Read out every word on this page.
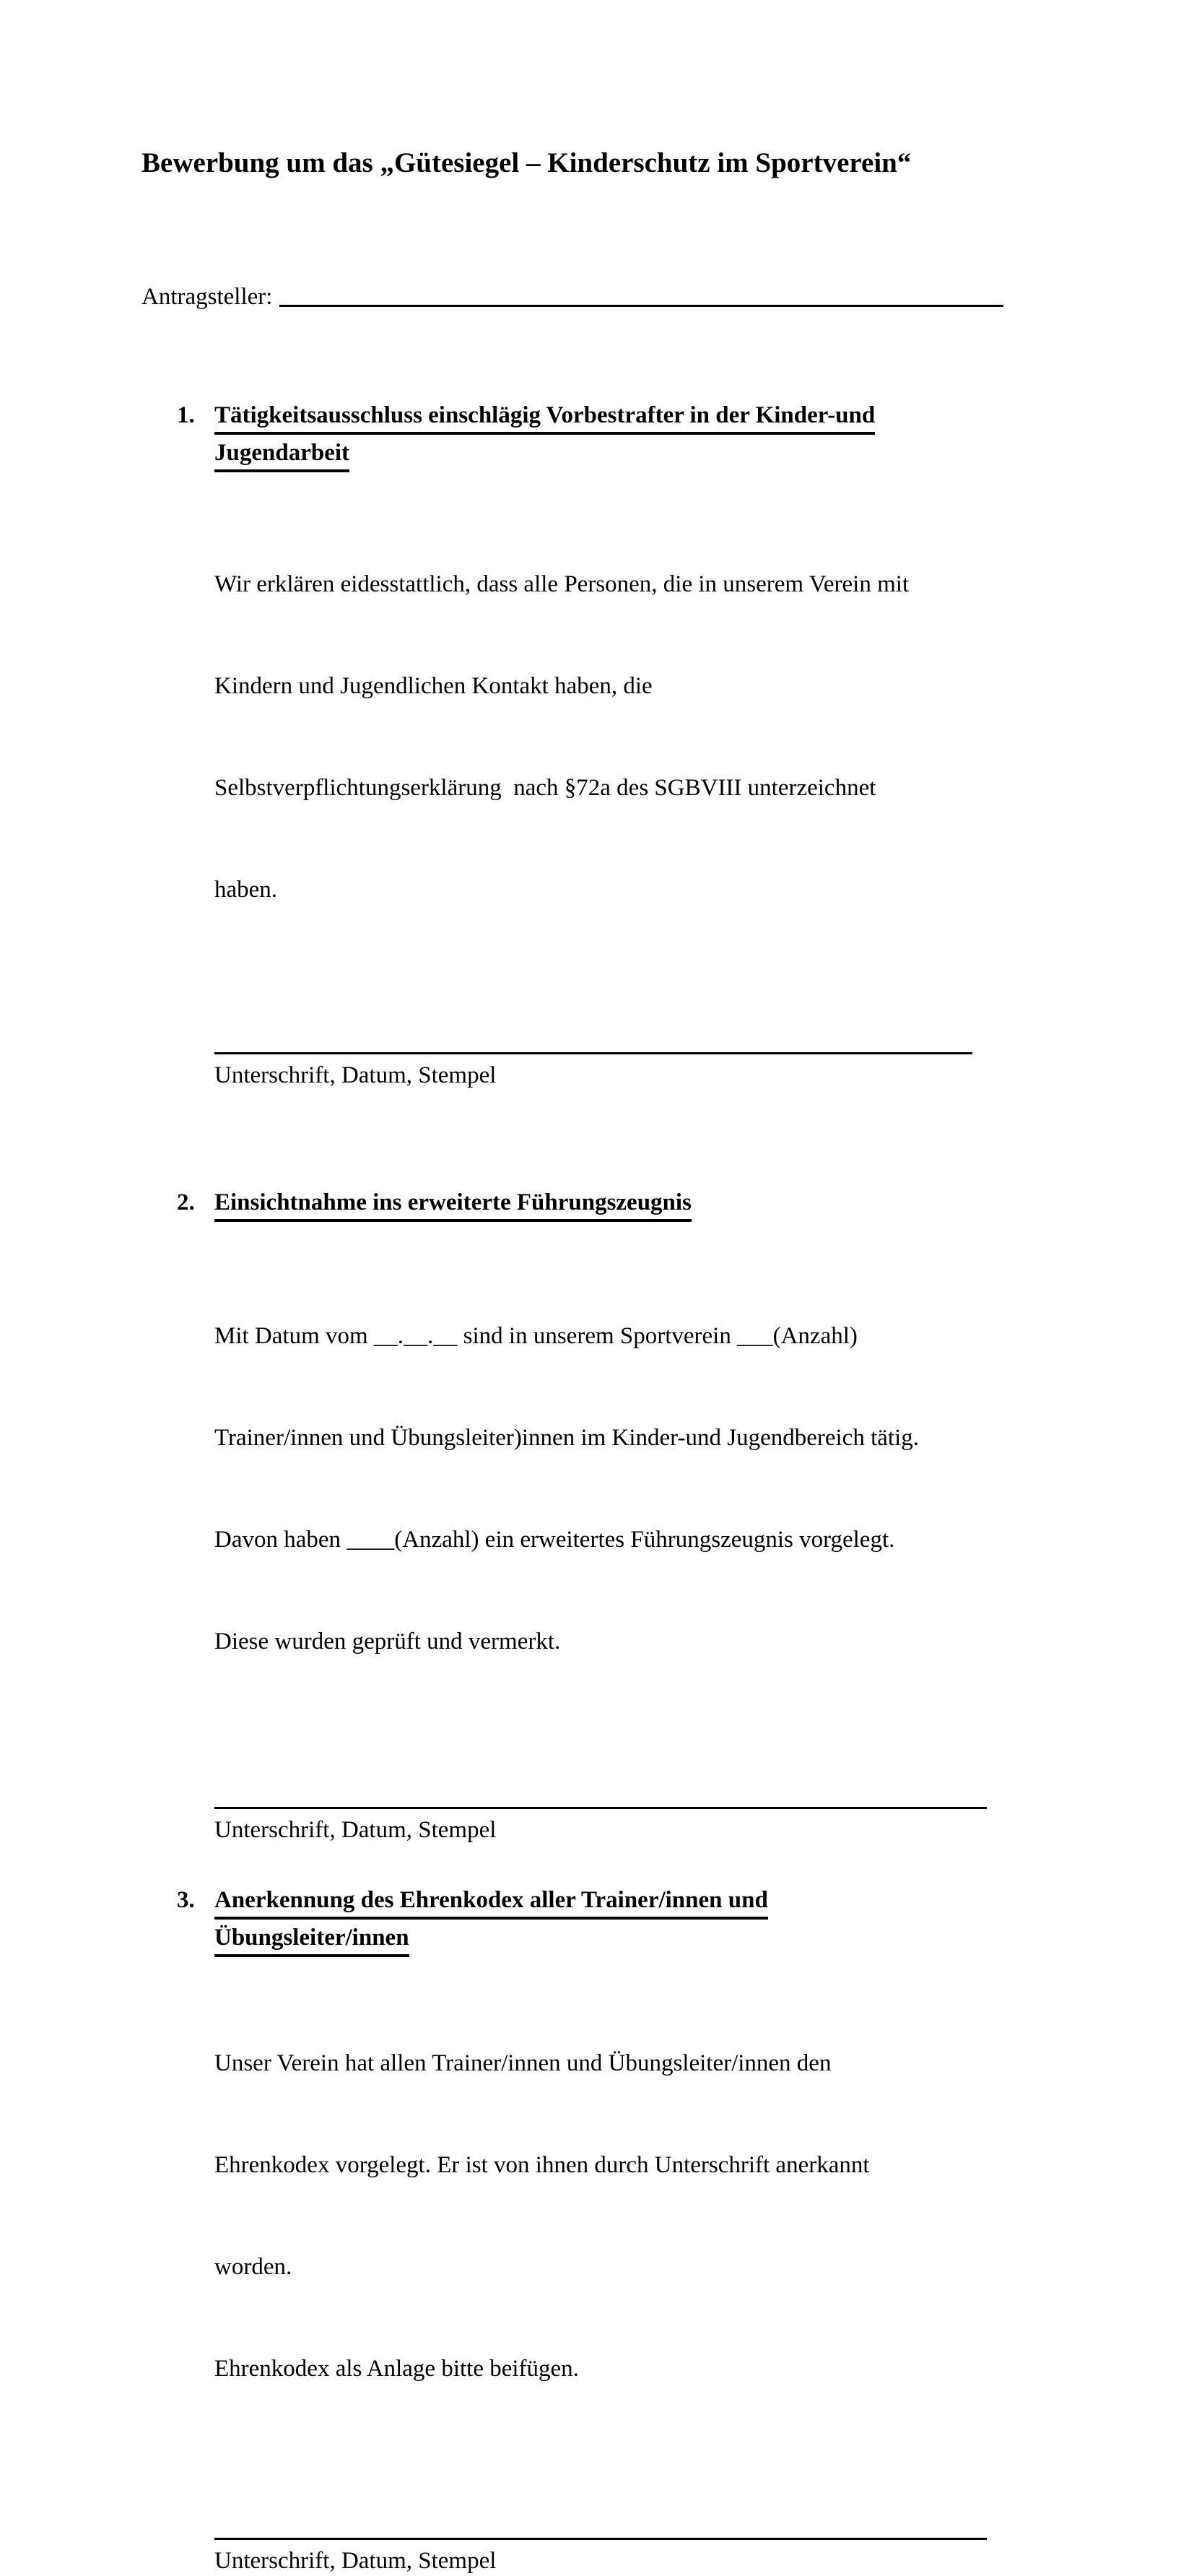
Bewerbung um das „Gütesiegel – Kinderschutz im Sportverein“
Antragsteller:
1. Tätigkeitsausschluss einschlägig Vorbestrafter in der Kinder-und
Jugendarbeit

Wir erklären eidesstattlich, dass alle Personen, die in unserem Verein mit

Kindern und Jugendlichen Kontakt haben, die

Selbstverpflichtungserklärung  nach §72a des SGBVIII unterzeichnet

haben.

Unterschrift, Datum, Stempel
2. Einsichtnahme ins erweiterte Führungszeugnis

Mit Datum vom __.__.__ sind in unserem Sportverein ___(Anzahl)

Trainer/innen und Übungsleiter)innen im Kinder-und Jugendbereich tätig.

Davon haben ____(Anzahl) ein erweitertes Führungszeugnis vorgelegt.

Diese wurden geprüft und vermerkt.

Unterschrift, Datum, Stempel
3. Anerkennung des Ehrenkodex aller Trainer/innen und
Übungsleiter/innen

Unser Verein hat allen Trainer/innen und Übungsleiter/innen den

Ehrenkodex vorgelegt. Er ist von ihnen durch Unterschrift anerkannt

worden.

Ehrenkodex als Anlage bitte beifügen.

Unterschrift, Datum, Stempel
